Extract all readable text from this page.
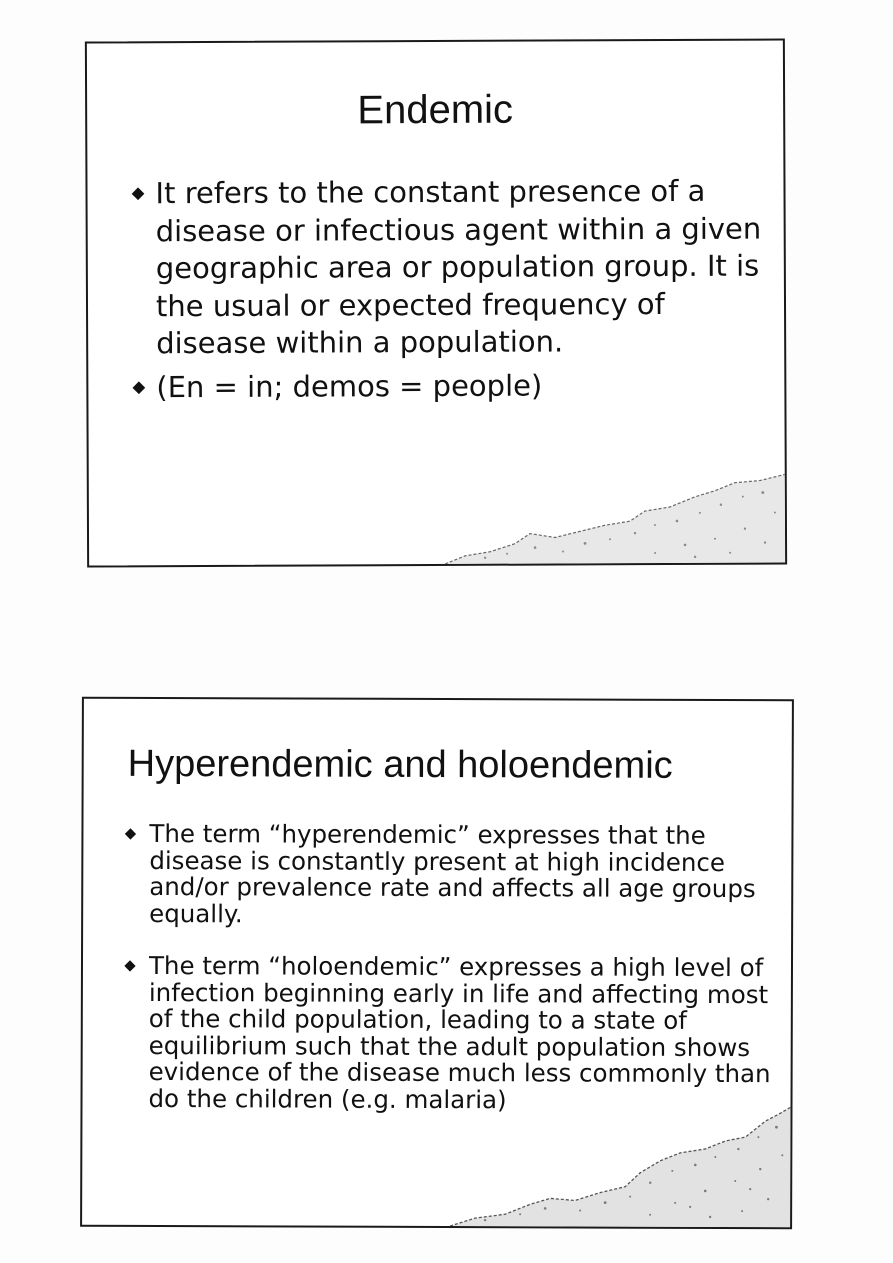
Endemic
It refers to the constant presence of a disease or infectious agent within a given geographic area or population group. It is the usual or expected frequency of disease within a population.
(En = in; demos = people)
Hyperendemic and holoendemic
The term “hyperendemic” expresses that the disease is constantly present at high incidence and/or prevalence rate and affects all age groups equally.
The term “holoendemic” expresses a high level of infection beginning early in life and affecting most of the child population, leading to a state of equilibrium such that the adult population shows evidence of the disease much less commonly than do the children (e.g. malaria)
